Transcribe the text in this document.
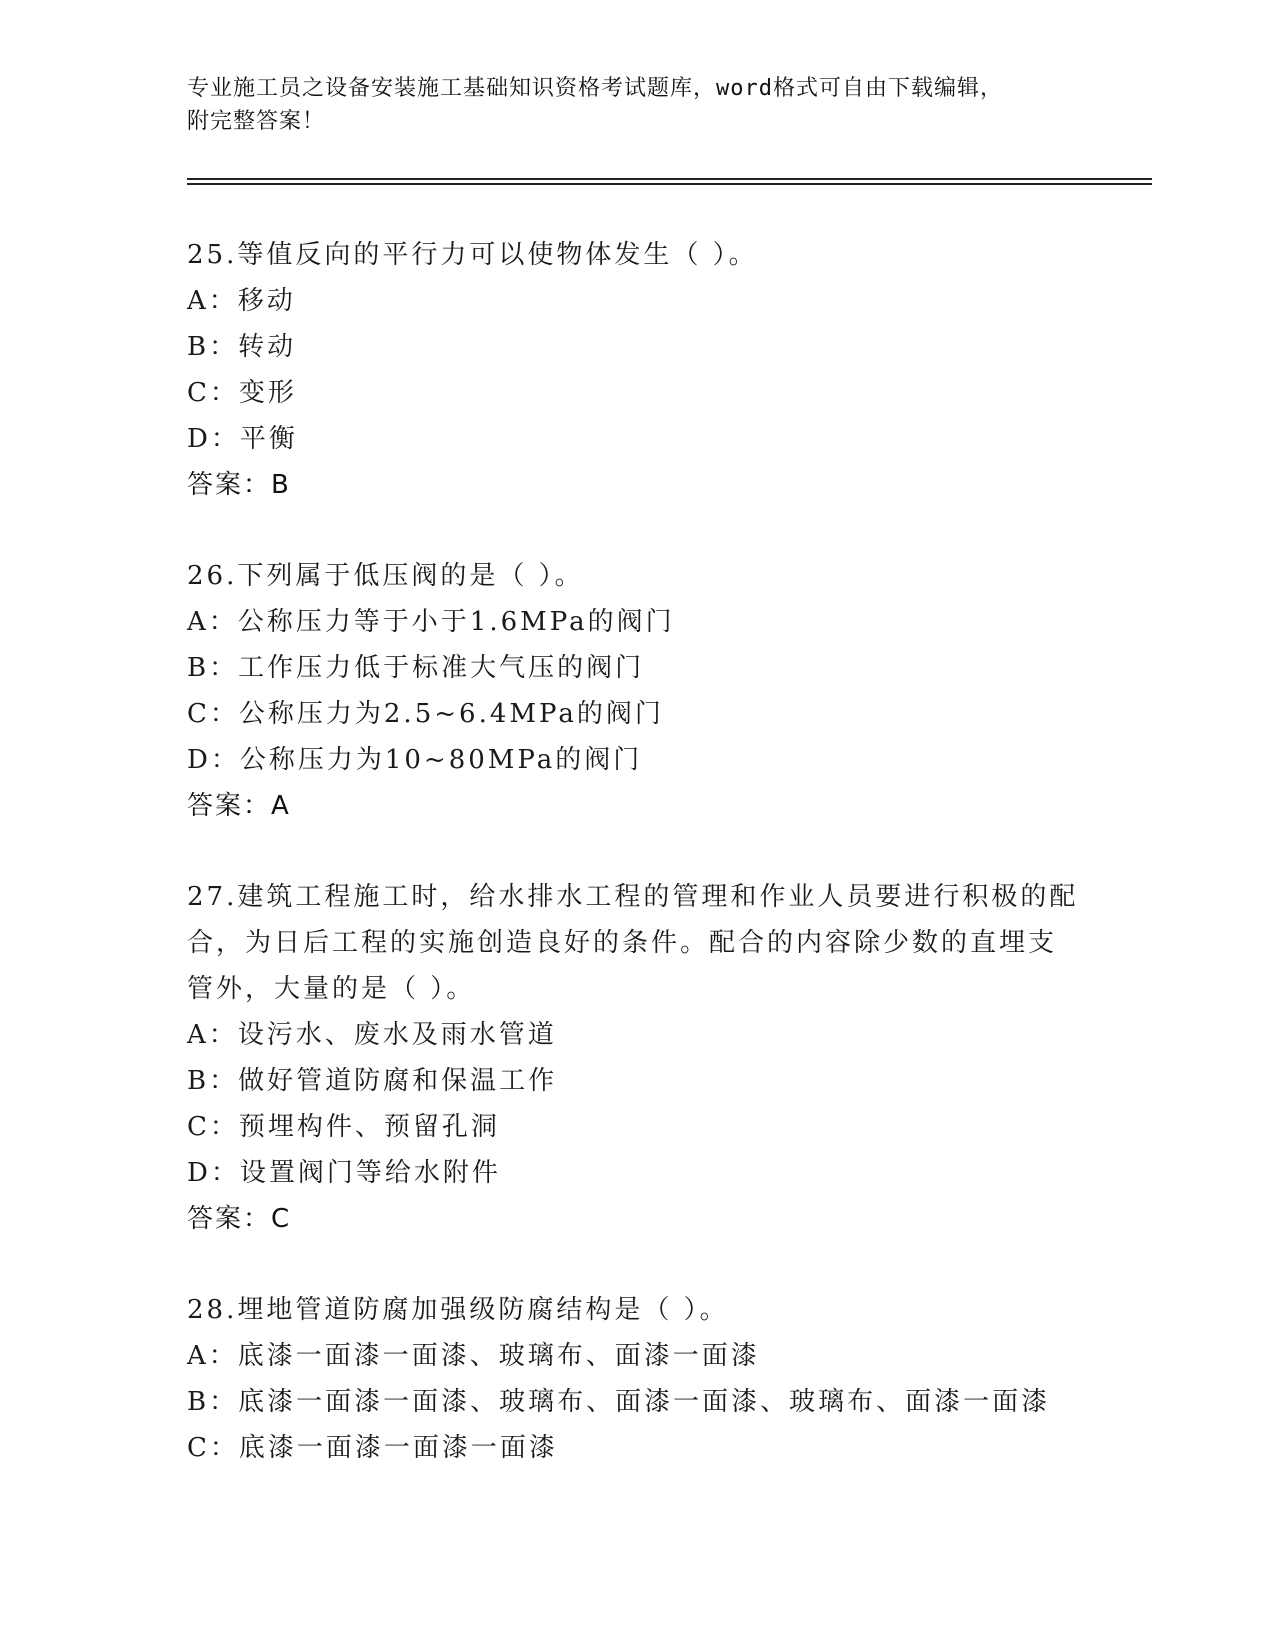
专业施工员之设备安装施工基础知识资格考试题库，word格式可自由下载编辑，
附完整答案！
25.等值反向的平行力可以使物体发生（ ）。
A：移动
B：转动
C：变形
D：平衡
答案：B
26.下列属于低压阀的是（ ）。
A：公称压力等于小于1.6MPa的阀门
B：工作压力低于标准大气压的阀门
C：公称压力为2.5~6.4MPa的阀门
D：公称压力为10~80MPa的阀门
答案：A
27.建筑工程施工时，给水排水工程的管理和作业人员要进行积极的配
合，为日后工程的实施创造良好的条件。配合的内容除少数的直埋支
管外，大量的是（ ）。
A：设污水、废水及雨水管道
B：做好管道防腐和保温工作
C：预埋构件、预留孔洞
D：设置阀门等给水附件
答案：C
28.埋地管道防腐加强级防腐结构是（ ）。
A：底漆一面漆一面漆、玻璃布、面漆一面漆
B：底漆一面漆一面漆、玻璃布、面漆一面漆、玻璃布、面漆一面漆
C：底漆一面漆一面漆一面漆
